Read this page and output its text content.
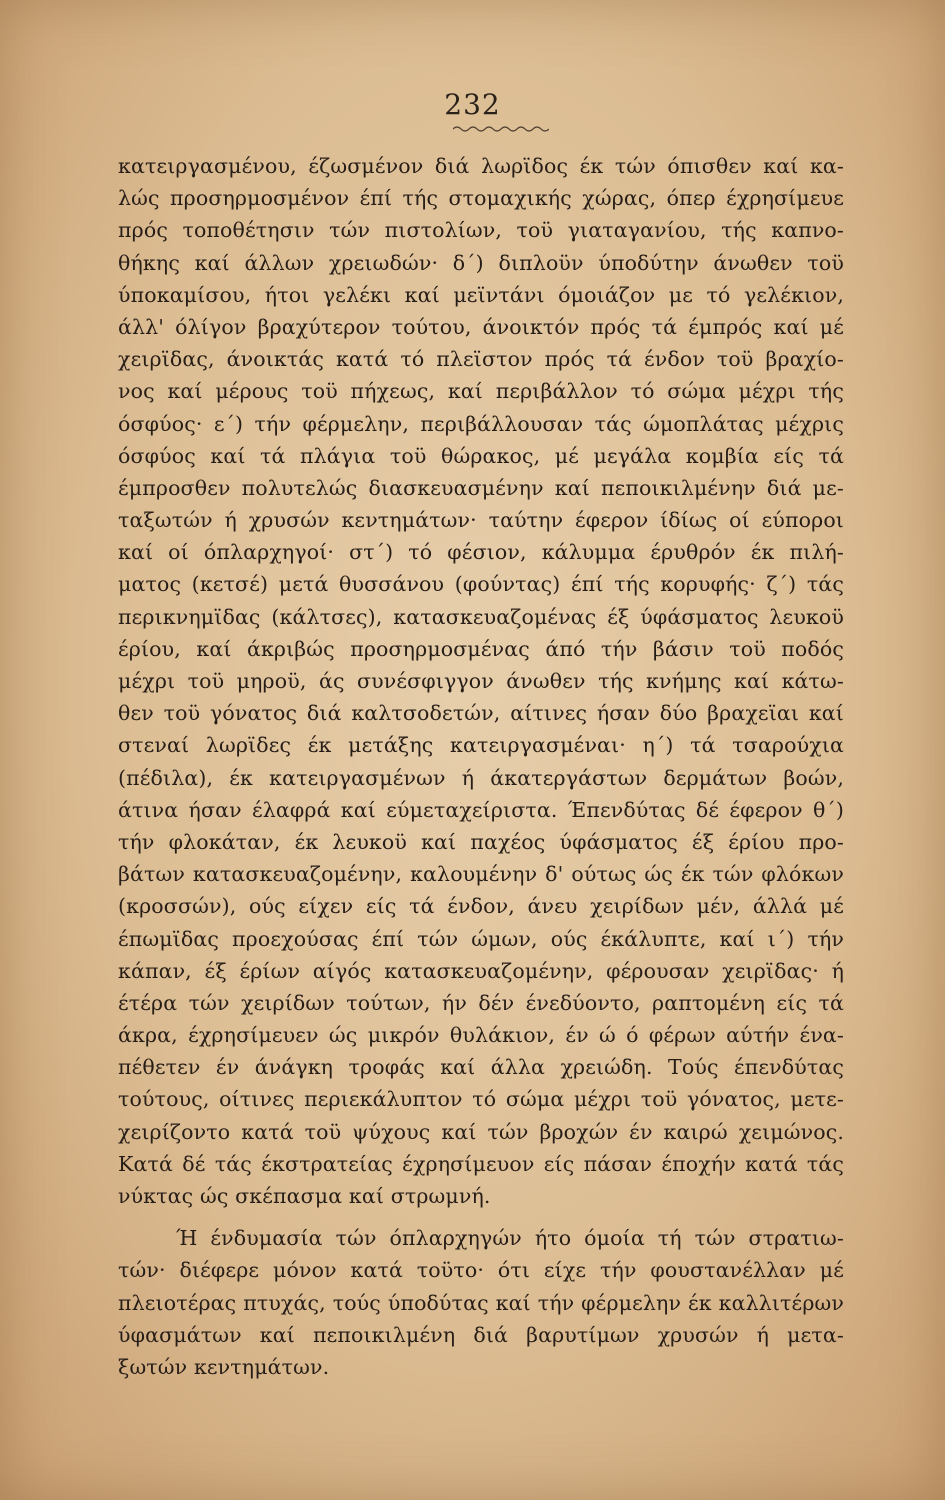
232
κατειργασμένου, έζωσμένον διά λωρϊδος έκ τών όπισθεν καί κα-
λώς προσηρμοσμένον έπί τής στομαχικής χώρας, όπερ έχρησίμευε
πρός τοποθέτησιν τών πιστολίων, τοϋ γιαταγανίου, τής καπνο-
θήκης καί άλλων χρειωδών· δ΄) διπλοϋν ύποδύτην άνωθεν τοϋ
ύποκαμίσου, ήτοι γελέκι καί μεϊντάνι όμοιάζον με τό γελέκιον,
άλλ' όλίγον βραχύτερον τούτου, άνοικτόν πρός τά έμπρός καί μέ
χειρϊδας, άνοικτάς κατά τό πλεϊστον πρός τά ένδον τοϋ βραχίο-
νος καί μέρους τοϋ πήχεως, καί περιβάλλον τό σώμα μέχρι τής
όσφύος· ε΄) τήν φέρμελην, περιβάλλουσαν τάς ώμοπλάτας μέχρις
όσφύος καί τά πλάγια τοϋ θώρακος, μέ μεγάλα κομβία είς τά
έμπροσθεν πολυτελώς διασκευασμένην καί πεποικιλμένην διά με-
ταξωτών ή χρυσών κεντημάτων· ταύτην έφερον ίδίως οί εύποροι
καί οί όπλαρχηγοί· στ΄) τό φέσιον, κάλυμμα έρυθρόν έκ πιλή-
ματος (κετσέ) μετά θυσσάνου (φούντας) έπί τής κορυφής· ζ΄) τάς
περικνημϊδας (κάλτσες), κατασκευαζομένας έξ ύφάσματος λευκοϋ
έρίου, καί άκριβώς προσηρμοσμένας άπό τήν βάσιν τοϋ ποδός
μέχρι τοϋ μηροϋ, άς συνέσφιγγον άνωθεν τής κνήμης καί κάτω-
θεν τοϋ γόνατος διά καλτσοδετών, αίτινες ήσαν δύο βραχεϊαι καί
στεναί λωρϊδες έκ μετάξης κατειργασμέναι· η΄) τά τσαρούχια
(πέδιλα), έκ κατειργασμένων ή άκατεργάστων δερμάτων βοών,
άτινα ήσαν έλαφρά καί εύμεταχείριστα. Έπενδύτας δέ έφερον θ΄)
τήν φλοκάταν, έκ λευκοϋ καί παχέος ύφάσματος έξ έρίου προ-
βάτων κατασκευαζομένην, καλουμένην δ' ούτως ώς έκ τών φλόκων
(κροσσών), ούς είχεν είς τά ένδον, άνευ χειρίδων μέν, άλλά μέ
έπωμϊδας προεχούσας έπί τών ώμων, ούς έκάλυπτε, καί ι΄) τήν
κάπαν, έξ έρίων αίγός κατασκευαζομένην, φέρουσαν χειρϊδας· ή
έτέρα τών χειρίδων τούτων, ήν δέν ένεδύοντο, ραπτομένη είς τά
άκρα, έχρησίμευεν ώς μικρόν θυλάκιον, έν ώ ό φέρων αύτήν ένα-
πέθετεν έν άνάγκη τροφάς καί άλλα χρειώδη. Τούς έπενδύτας
τούτους, οίτινες περιεκάλυπτον τό σώμα μέχρι τοϋ γόνατος, μετε-
χειρίζοντο κατά τοϋ ψύχους καί τών βροχών έν καιρώ χειμώνος.
Κατά δέ τάς έκστρατείας έχρησίμευον είς πάσαν έποχήν κατά τάς
νύκτας ώς σκέπασμα καί στρωμνή.
Ή ένδυμασία τών όπλαρχηγών ήτο όμοία τή τών στρατιω-
τών· διέφερε μόνον κατά τοϋτο· ότι είχε τήν φουστανέλλαν μέ
πλειοτέρας πτυχάς, τούς ύποδύτας καί τήν φέρμελην έκ καλλιτέρων
ύφασμάτων καί πεποικιλμένη διά βαρυτίμων χρυσών ή μετα-
ξωτών κεντημάτων.
